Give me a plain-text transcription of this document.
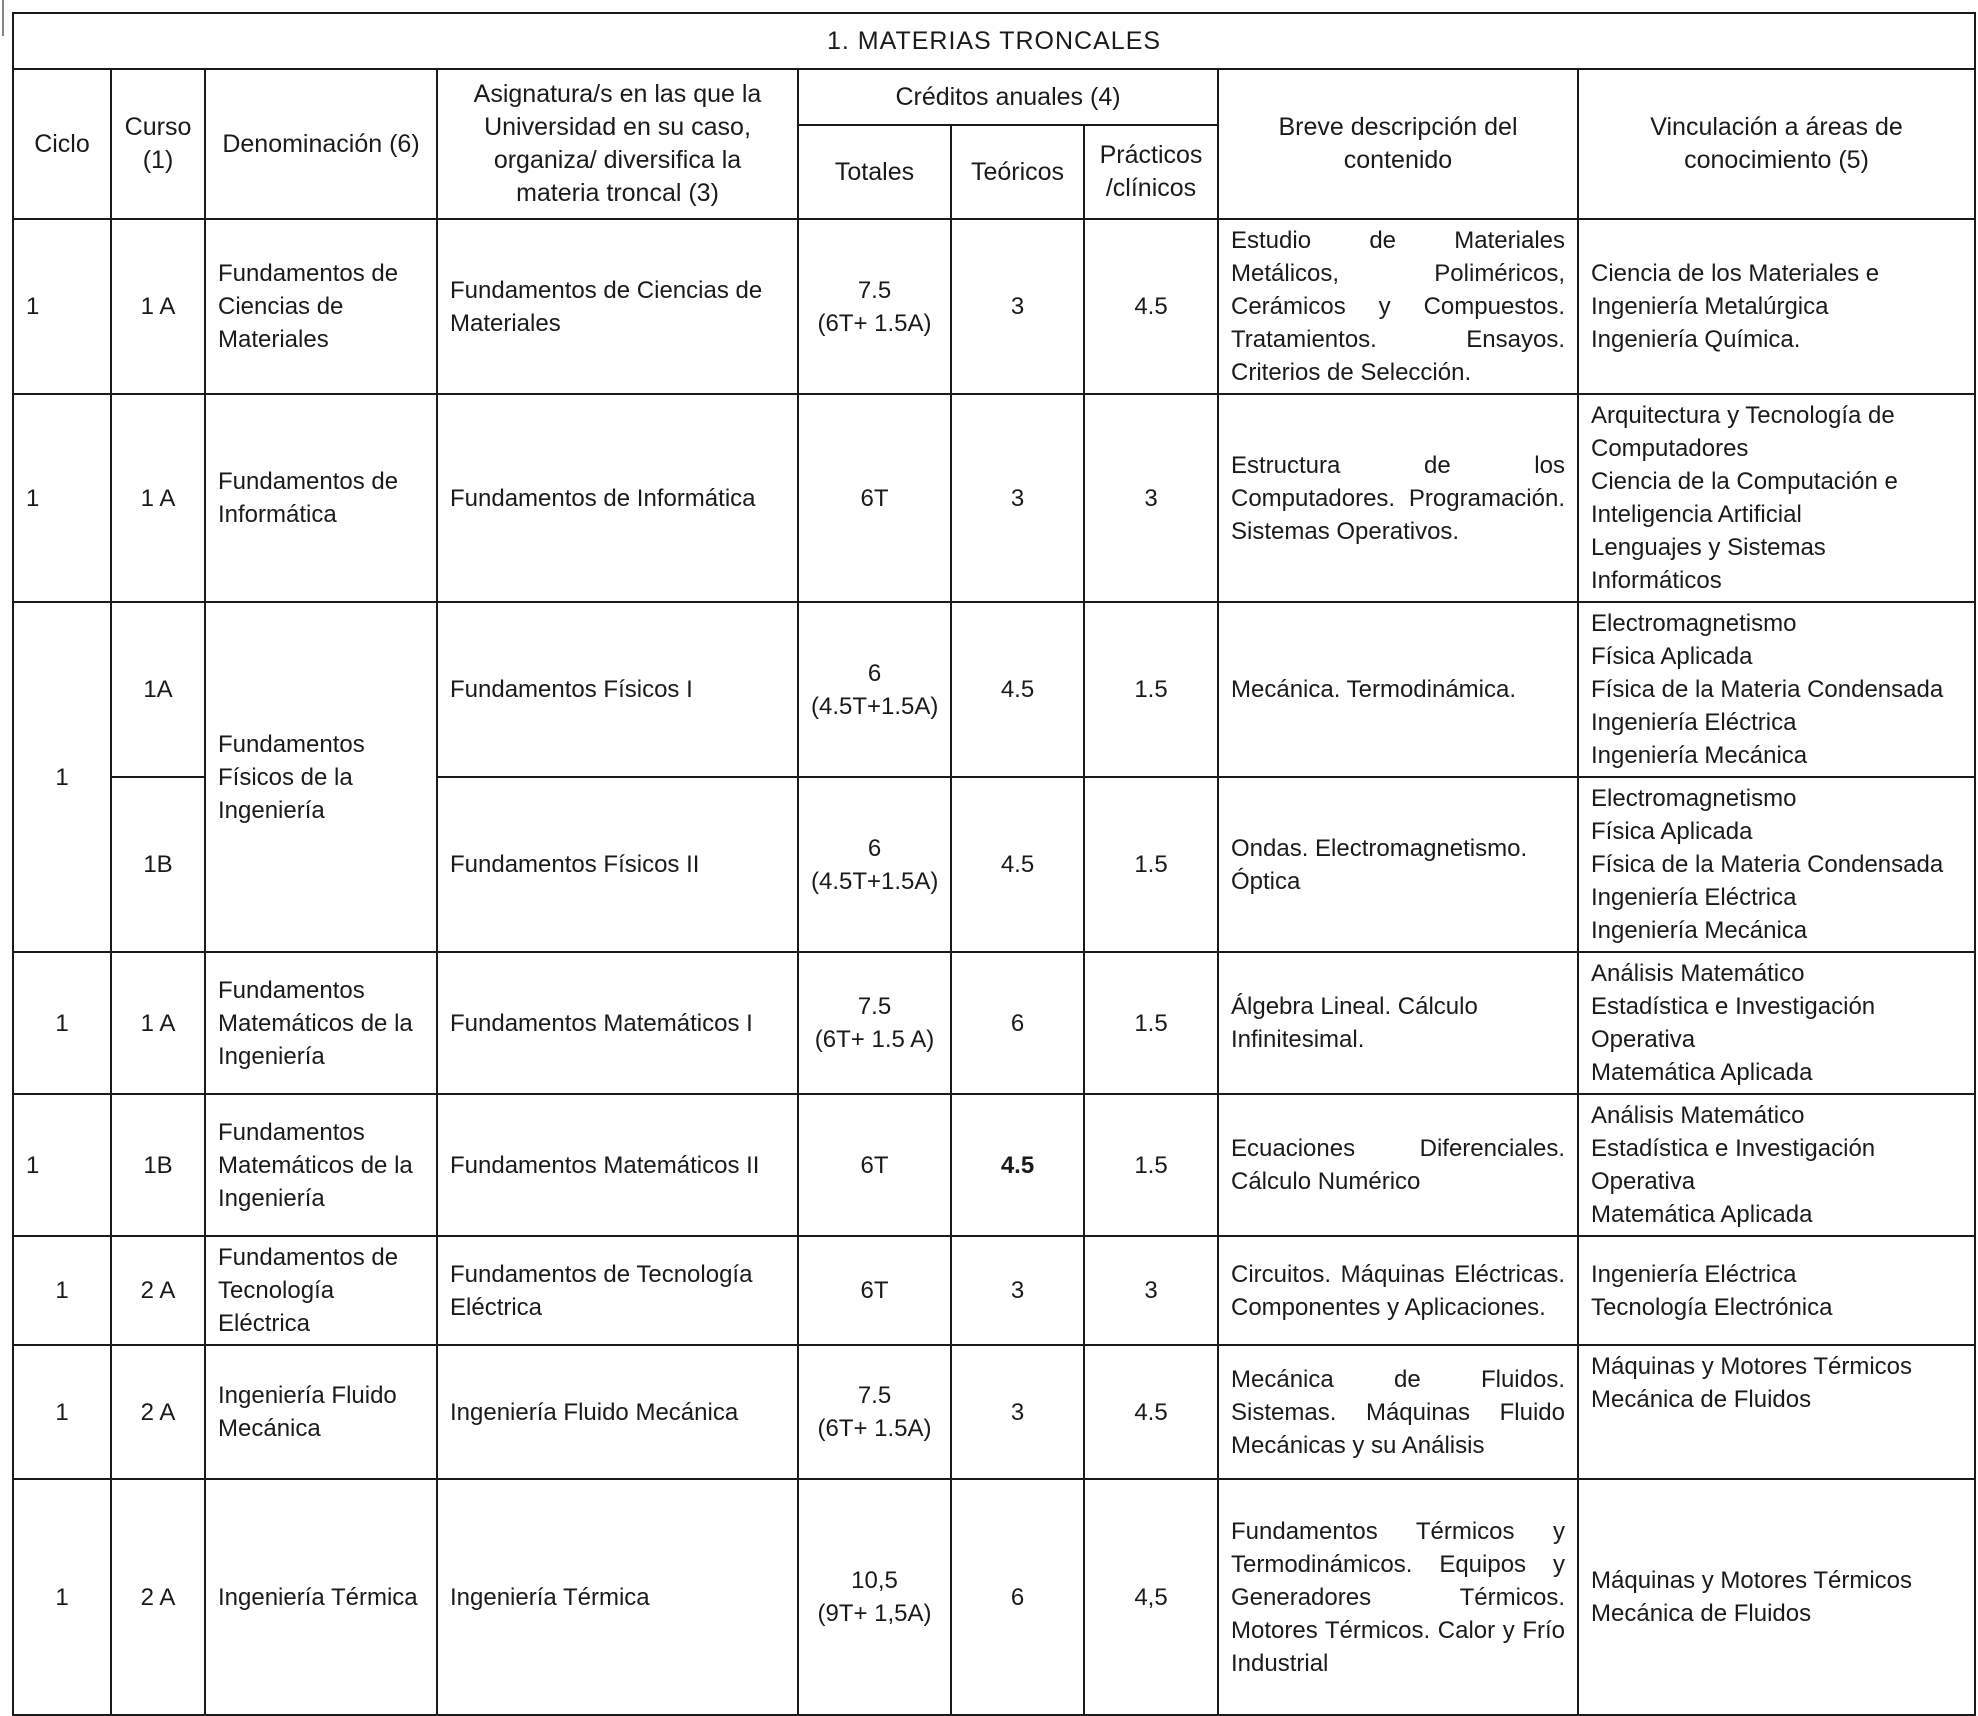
1. MATERIAS TRONCALES								
Ciclo	Curso (1)	Denominación (6)	Asignatura/s en las que la Universidad en su caso, organiza/ diversifica la materia troncal (3)	Créditos anuales (4)			Breve descripción del contenido	Vinculación a áreas de conocimiento (5)
				Totales	Teóricos	Prácticos /clínicos		
1	1 A	Fundamentos de Ciencias de Materiales	Fundamentos de Ciencias de Materiales	7.5
(6T+ 1.5A)	3	4.5	Estudio de Materiales Metálicos, Poliméricos, Cerámicos y Compuestos. Tratamientos. Ensayos. Criterios de Selección.	Ciencia de los Materiales e Ingeniería Metalúrgica
Ingeniería Química.

1	1 A	Fundamentos de Informática	Fundamentos de Informática	6T	3	3	Estructura de los Computadores. Programación. Sistemas Operativos.	Arquitectura y Tecnología de Computadores
Ciencia de la Computación e Inteligencia Artificial
Lenguajes y Sistemas Informáticos

1	1A	Fundamentos Físicos de la Ingeniería	Fundamentos Físicos I	6
(4.5T+1.5A)	4.5	1.5	Mecánica. Termodinámica.	Electromagnetismo
Física Aplicada
Física de la Materia Condensada
Ingeniería Eléctrica
Ingeniería Mecánica

	1B		Fundamentos Físicos II	6
(4.5T+1.5A)	4.5	1.5	Ondas. Electromagnetismo. Óptica	Electromagnetismo
Física Aplicada
Física de la Materia Condensada
Ingeniería Eléctrica
Ingeniería Mecánica

1	1 A	Fundamentos Matemáticos de la Ingeniería	Fundamentos Matemáticos I	7.5
(6T+ 1.5 A)	6	1.5	Álgebra Lineal. Cálculo Infinitesimal.	Análisis Matemático
Estadística e Investigación Operativa
Matemática Aplicada

1	1B	Fundamentos Matemáticos de la Ingeniería	Fundamentos Matemáticos II	6T	4.5	1.5	Ecuaciones Diferenciales. Cálculo Numérico	Análisis Matemático
Estadística e Investigación Operativa
Matemática Aplicada

1	2 A	Fundamentos de Tecnología Eléctrica	Fundamentos de Tecnología Eléctrica	6T	3	3	Circuitos. Máquinas Eléctricas. Componentes y Aplicaciones.	Ingeniería Eléctrica
Tecnología Electrónica

1	2 A	Ingeniería Fluido Mecánica	Ingeniería Fluido Mecánica	7.5
(6T+ 1.5A)	3	4.5	Mecánica de Fluidos. Sistemas. Máquinas Fluido Mecánicas y su Análisis	Máquinas y Motores Térmicos
Mecánica de Fluidos

1	2 A	Ingeniería Térmica	Ingeniería Térmica	10,5
(9T+ 1,5A)	6	4,5	Fundamentos Térmicos y Termodinámicos. Equipos y Generadores Térmicos. Motores Térmicos. Calor y Frío Industrial	Máquinas y Motores Térmicos
Mecánica de Fluidos
